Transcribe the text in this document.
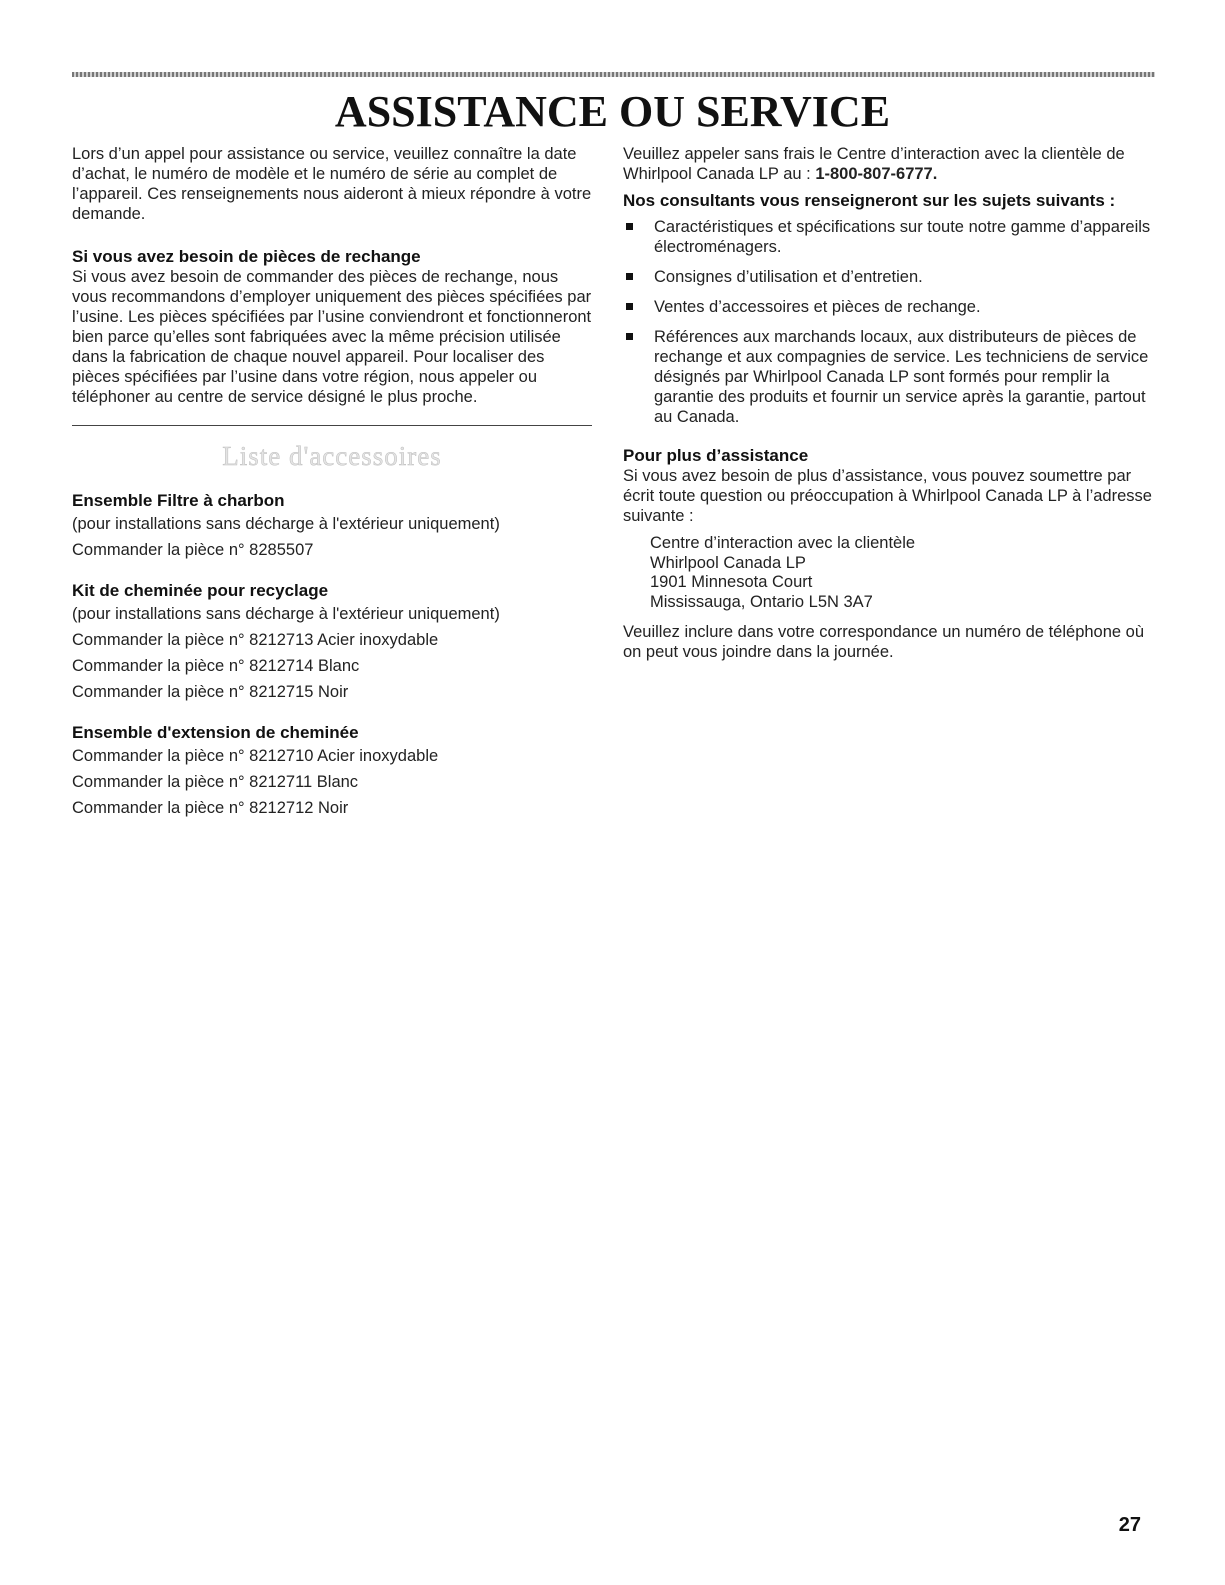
ASSISTANCE OU SERVICE

Lors d’un appel pour assistance ou service, veuillez connaître la date d’achat, le numéro de modèle et le numéro de série au complet de l’appareil. Ces renseignements nous aideront à mieux répondre à votre demande.

Si vous avez besoin de pièces de rechange

Si vous avez besoin de commander des pièces de rechange, nous vous recommandons d’employer uniquement des pièces spécifiées par l’usine. Les pièces spécifiées par l’usine conviendront et fonctionneront bien parce qu’elles sont fabriquées avec la même précision utilisée dans la fabrication de chaque nouvel appareil. Pour localiser des pièces spécifiées par l’usine dans votre région, nous appeler ou téléphoner au centre de service désigné le plus proche.

Liste d'accessoires

Ensemble Filtre à charbon

(pour installations sans décharge à l'extérieur uniquement)

Commander la pièce n° 8285507

Kit de cheminée pour recyclage

(pour installations sans décharge à l'extérieur uniquement)

Commander la pièce n° 8212713 Acier inoxydable

Commander la pièce n° 8212714 Blanc

Commander la pièce n° 8212715 Noir

Ensemble d'extension de cheminée

Commander la pièce n° 8212710 Acier inoxydable

Commander la pièce n° 8212711 Blanc

Commander la pièce n° 8212712 Noir

Veuillez appeler sans frais le Centre d’interaction avec la clientèle de Whirlpool Canada LP au : 1-800-807-6777.

Nos consultants vous renseigneront sur les sujets suivants :

Caractéristiques et spécifications sur toute notre gamme d’appareils électroménagers.
Consignes d’utilisation et d’entretien.
Ventes d’accessoires et pièces de rechange.
Références aux marchands locaux, aux distributeurs de pièces de rechange et aux compagnies de service. Les techniciens de service désignés par Whirlpool Canada LP sont formés pour remplir la garantie des produits et fournir un service après la garantie, partout au Canada.

Pour plus d’assistance

Si vous avez besoin de plus d’assistance, vous pouvez soumettre par écrit toute question ou préoccupation à Whirlpool Canada LP à l’adresse suivante :

Centre d’interaction avec la clientèle

Whirlpool Canada LP

1901 Minnesota Court

Mississauga, Ontario L5N 3A7

Veuillez inclure dans votre correspondance un numéro de téléphone où on peut vous joindre dans la journée.

27
